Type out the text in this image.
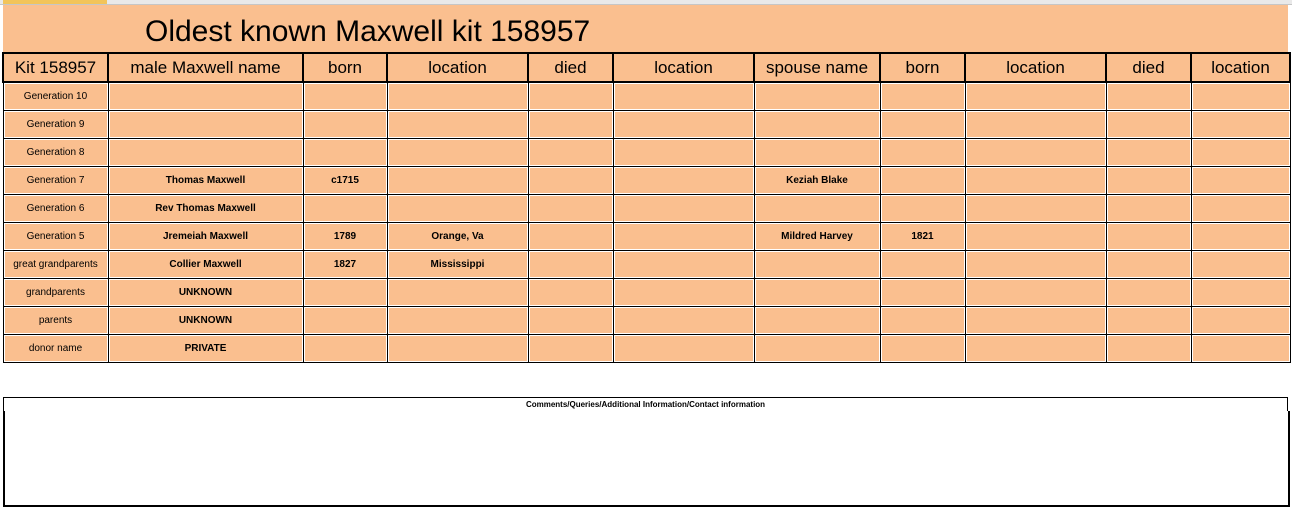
Oldest known Maxwell kit 158957
Kit 158957	male Maxwell name	born	location	died	location	spouse name	born	location	died	location
Generation 10										
Generation 9										
Generation 8										
Generation 7	Thomas Maxwell	c1715				Keziah Blake				
Generation 6	Rev Thomas Maxwell									
Generation 5	Jremeiah Maxwell	1789	Orange, Va			Mildred Harvey	1821			
great grandparents	Collier Maxwell	1827	Mississippi							
grandparents	UNKNOWN									
parents	UNKNOWN									
donor name	PRIVATE									
Comments/Queries/Additional Information/Contact information
